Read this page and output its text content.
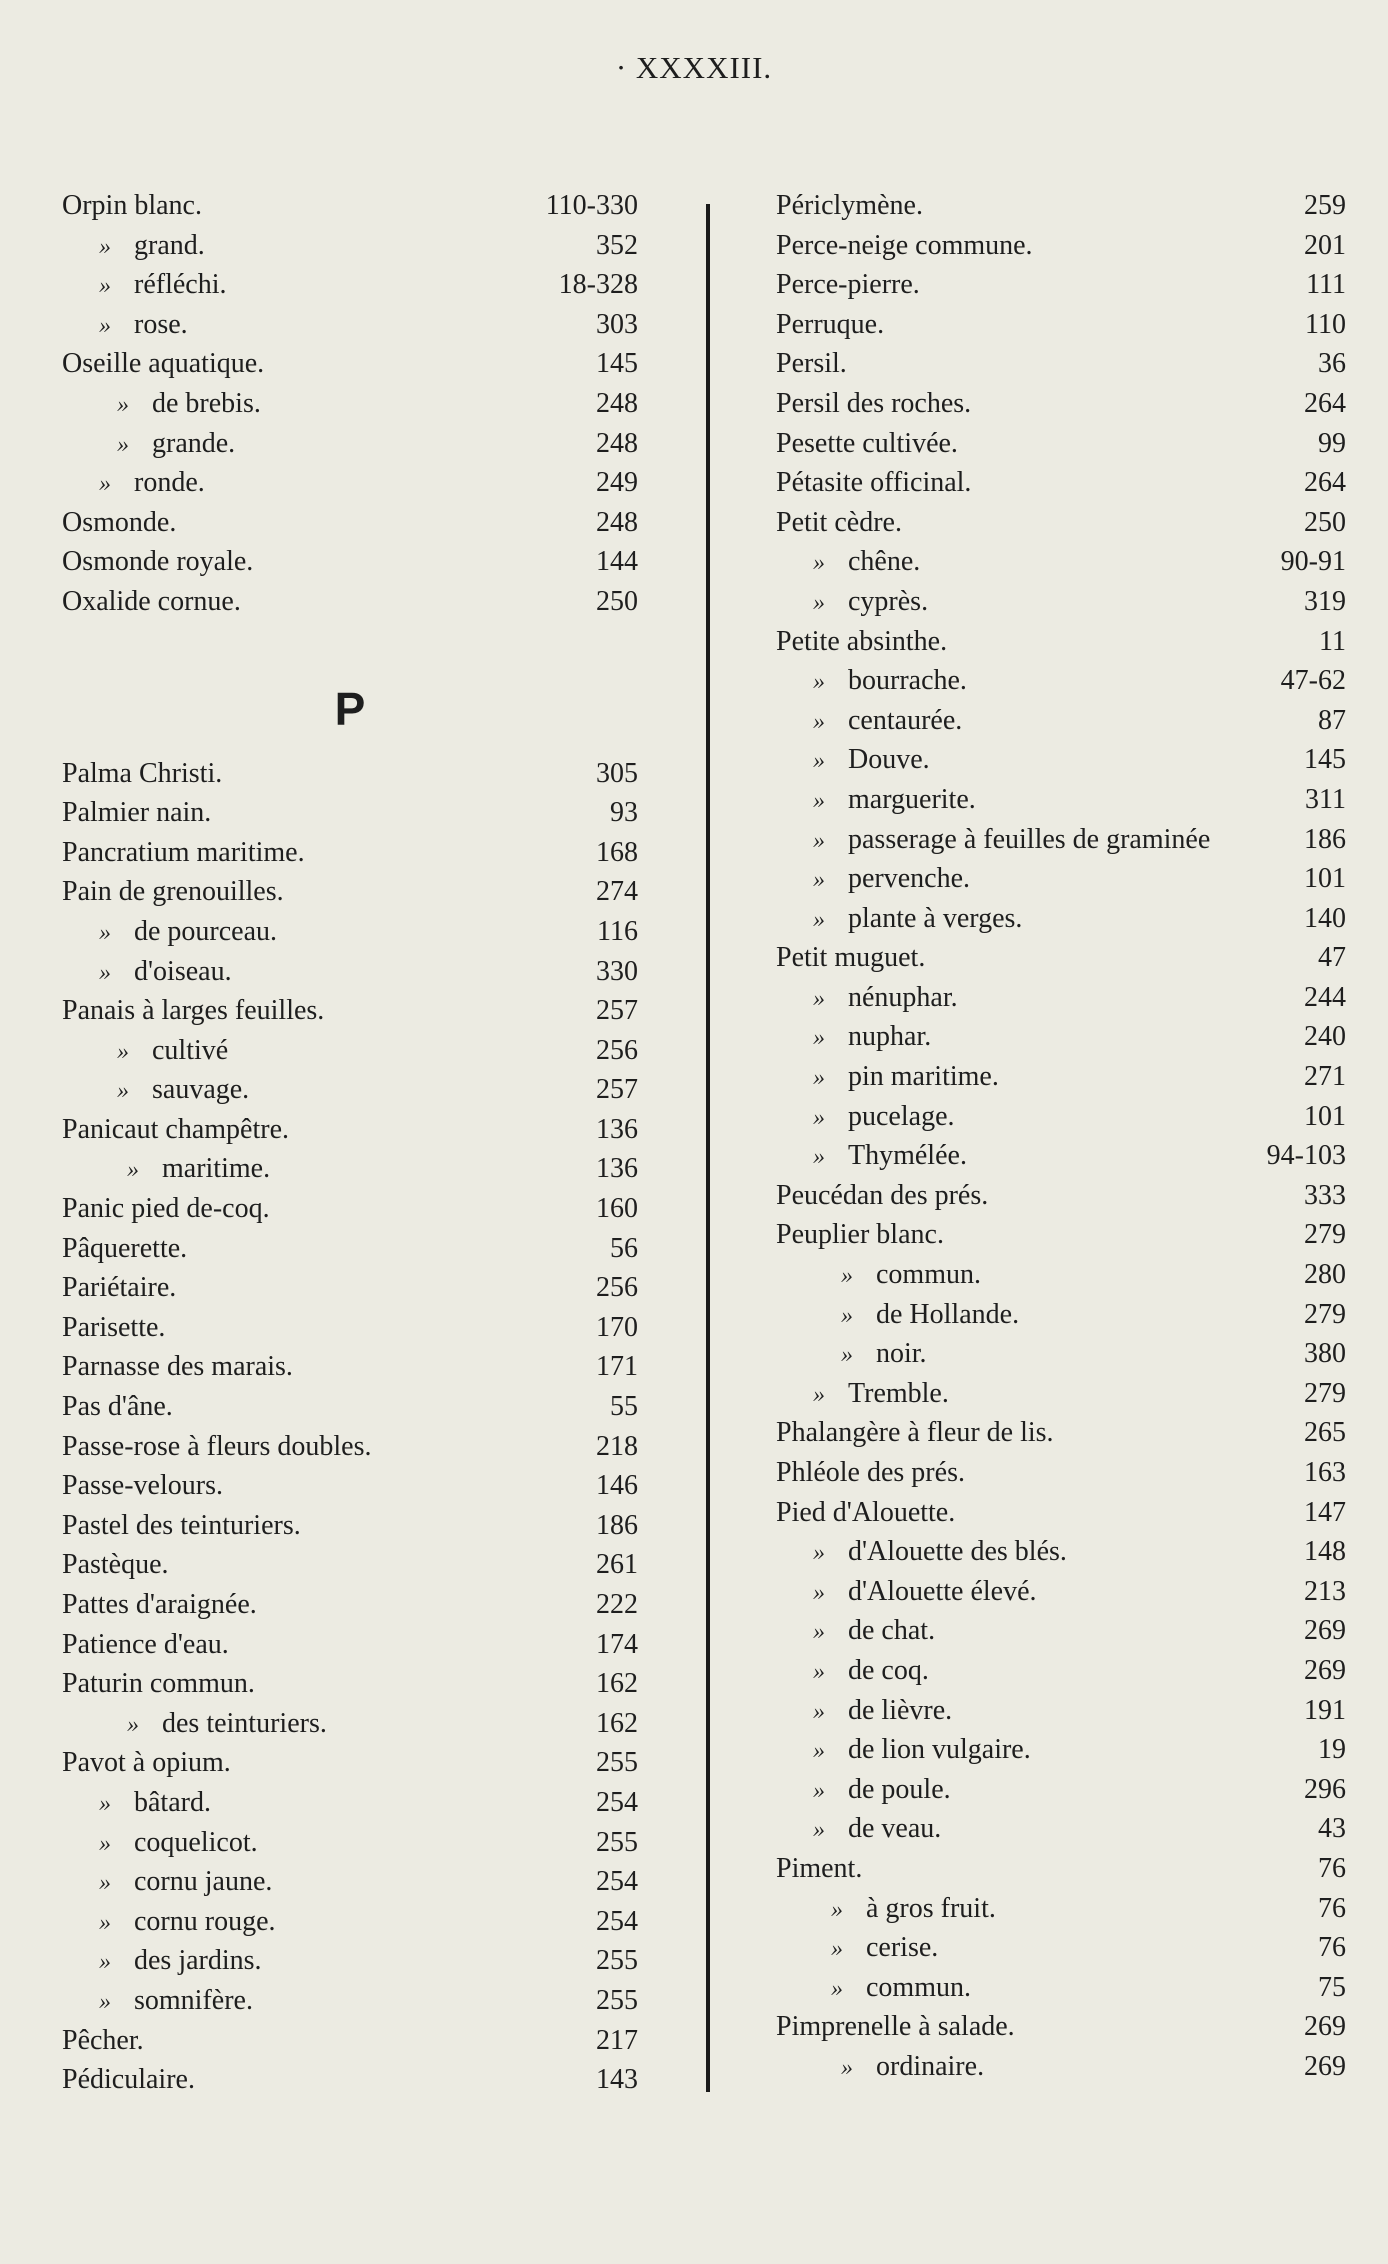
· XXXXIII.
Orpin blanc.	110-330
» grand.	352
» réfléchi.	18-328
» rose.	303
Oseille aquatique.	145
» de brebis.	248
» grande.	248
» ronde.	249
Osmonde.	248
Osmonde royale.	144
Oxalide cornue.	250
P
Palma Christi.	305
Palmier nain.	93
Pancratium maritime.	168
Pain de grenouilles.	274
» de pourceau.	116
» d'oiseau.	330
Panais à larges feuilles.	257
» cultivé	256
» sauvage.	257
Panicaut champêtre.	136
» maritime.	136
Panic pied de-coq.	160
Pâquerette.	56
Pariétaire.	256
Parisette.	170
Parnasse des marais.	171
Pas d'âne.	55
Passe-rose à fleurs doubles.	218
Passe-velours.	146
Pastel des teinturiers.	186
Pastèque.	261
Pattes d'araignée.	222
Patience d'eau.	174
Paturin commun.	162
» des teinturiers.	162
Pavot à opium.	255
» bâtard.	254
» coquelicot.	255
» cornu jaune.	254
» cornu rouge.	254
» des jardins.	255
» somnifère.	255
Pêcher.	217
Pédiculaire.	143
Périclymène.	259
Perce-neige commune.	201
Perce-pierre.	111
Perruque.	110
Persil.	36
Persil des roches.	264
Pesette cultivée.	99
Pétasite officinal.	264
Petit cèdre.	250
» chêne.	90-91
» cyprès.	319
Petite absinthe.	11
» bourrache.	47-62
» centaurée.	87
» Douve.	145
» marguerite.	311
» passerage à feuilles de graminée	186
» pervenche.	101
» plante à verges.	140
Petit muguet.	47
» nénuphar.	244
» nuphar.	240
» pin maritime.	271
» pucelage.	101
» Thymélée.	94-103
Peucédan des prés.	333
Peuplier blanc.	279
» commun.	280
» de Hollande.	279
» noir.	380
» Tremble.	279
Phalangère à fleur de lis.	265
Phléole des prés.	163
Pied d'Alouette.	147
» d'Alouette des blés.	148
» d'Alouette élevé.	213
» de chat.	269
» de coq.	269
» de lièvre.	191
» de lion vulgaire.	19
» de poule.	296
» de veau.	43
Piment.	76
» à gros fruit.	76
» cerise.	76
» commun.	75
Pimprenelle à salade.	269
» ordinaire.	269
